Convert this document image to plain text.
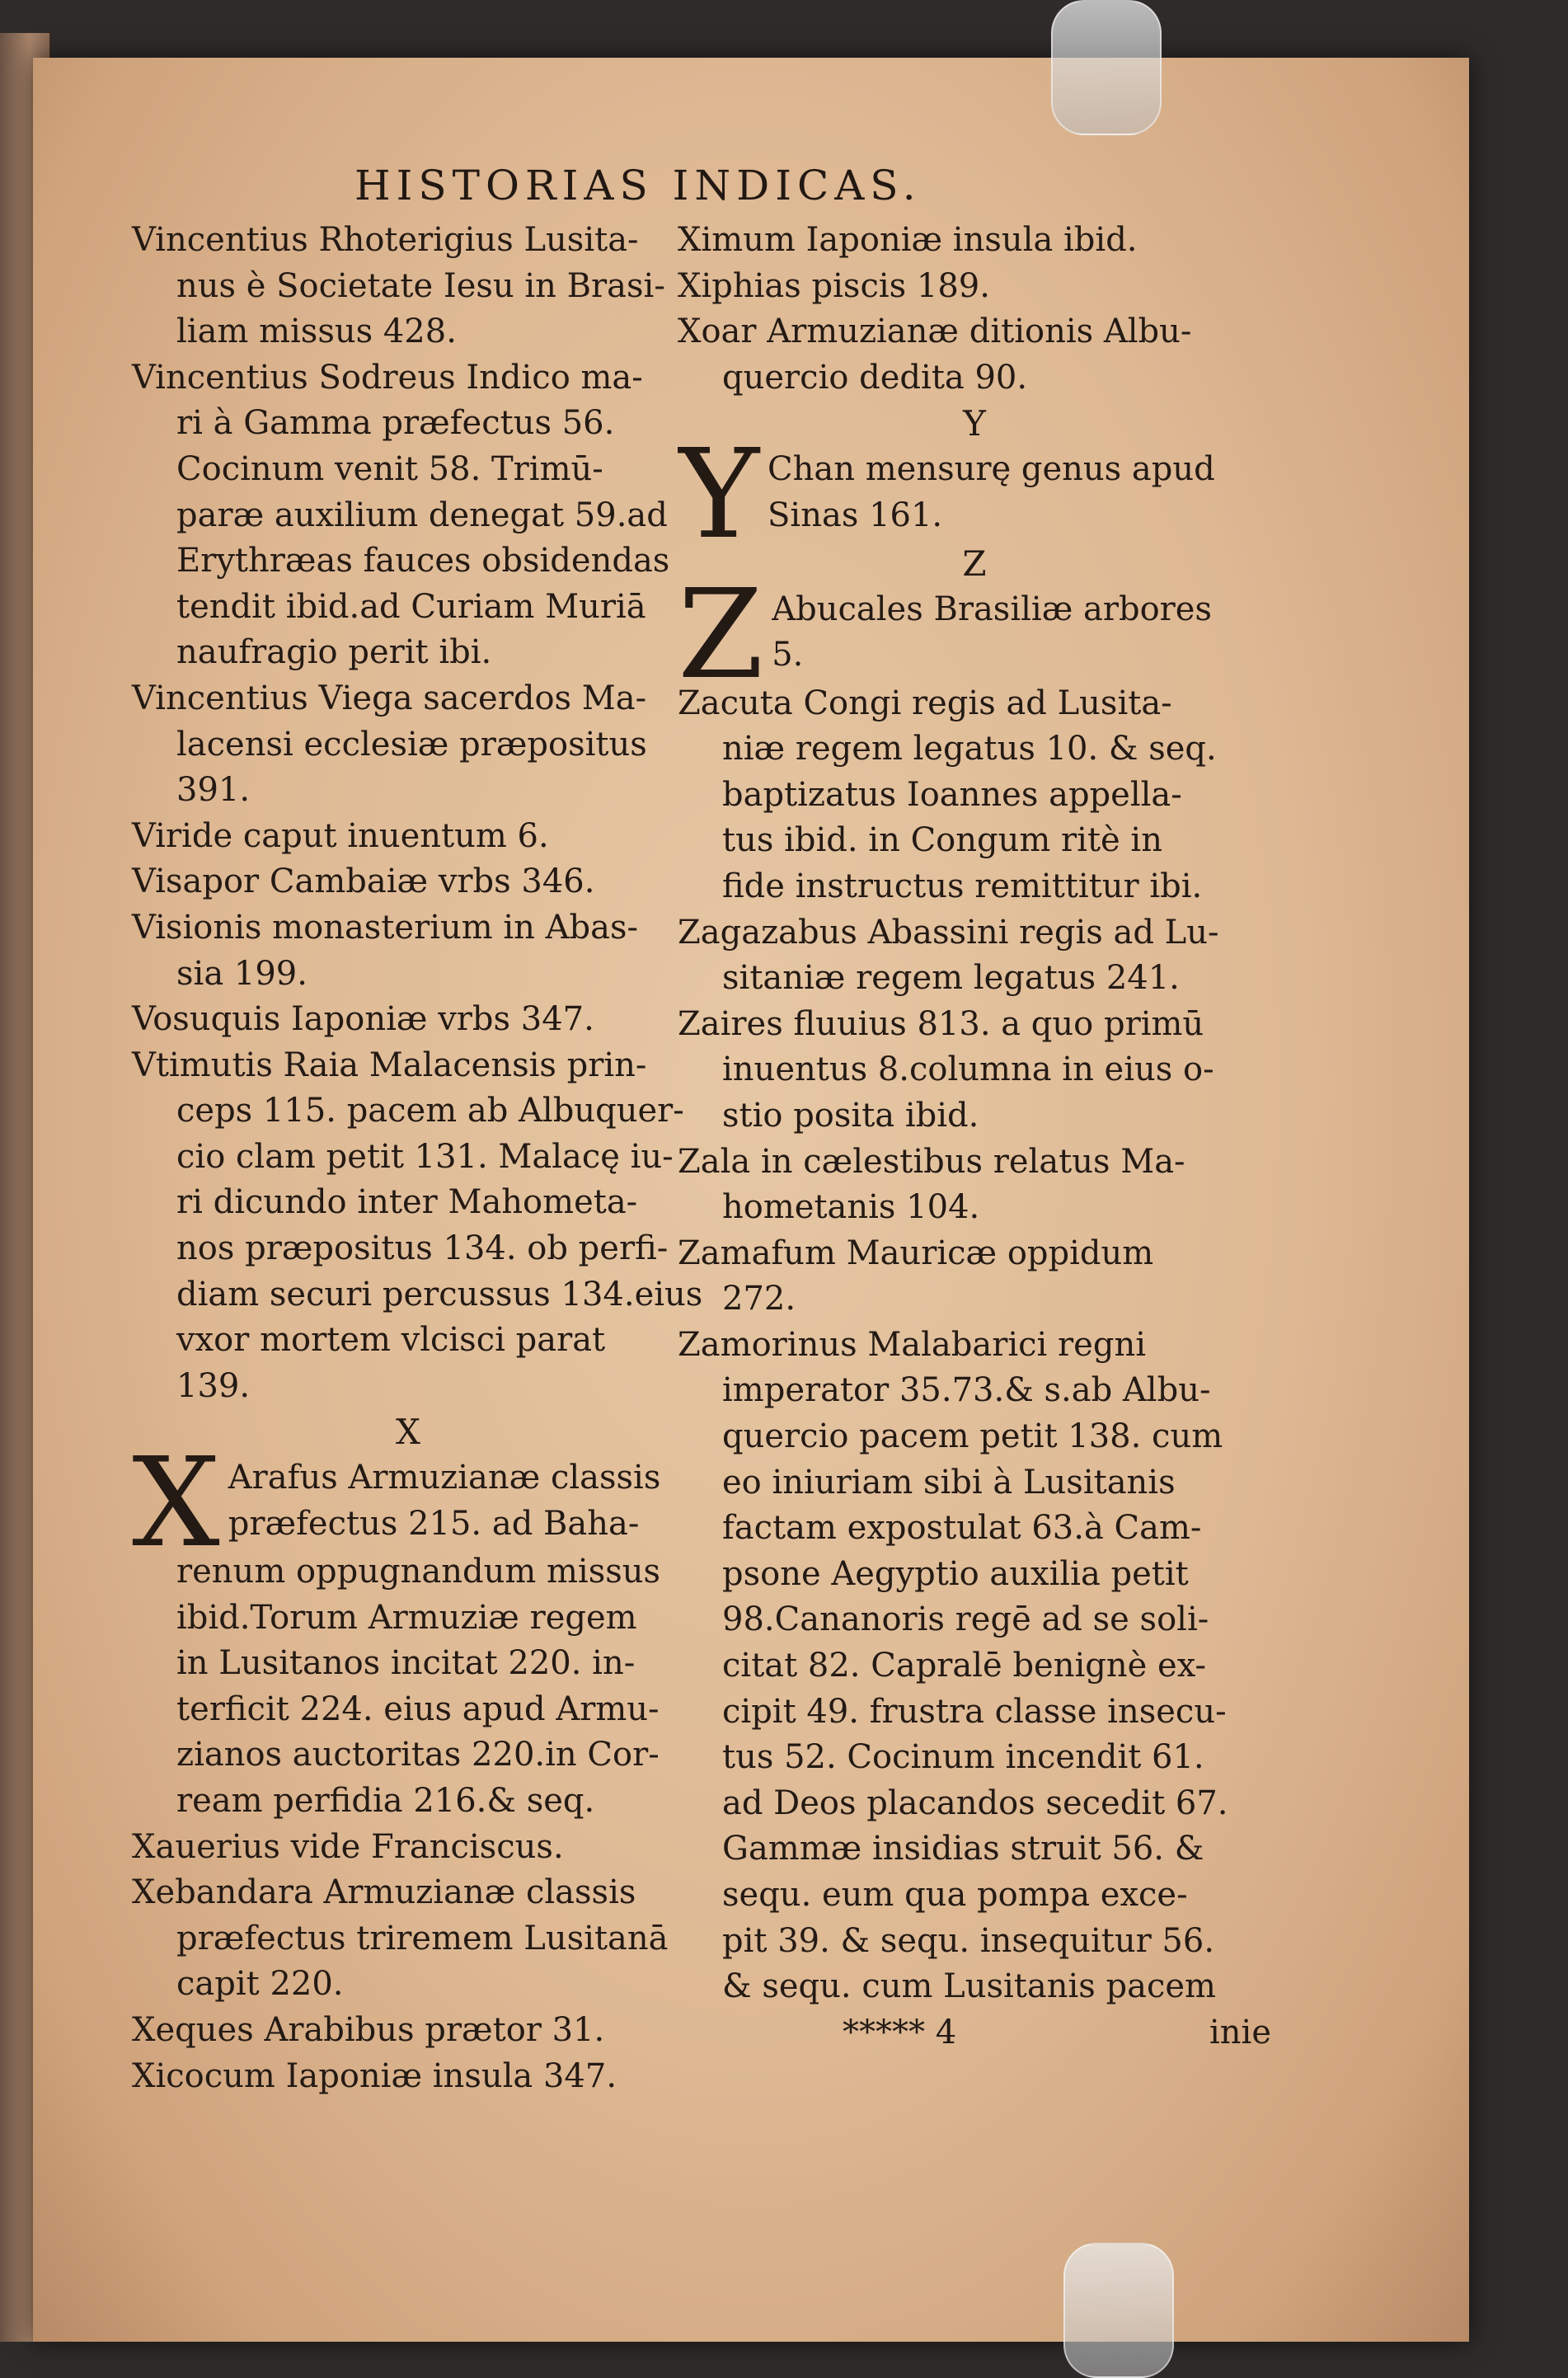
HISTORIAS INDICAS.
Vincentius Rhoterigius Lusita-
nus è Societate Iesu in Brasi-
liam missus 428.
Vincentius Sodreus Indico ma-
ri à Gamma præfectus 56.
Cocinum venit 58. Trimū-
paræ auxilium denegat 59.ad
Erythræas fauces obsidendas
tendit ibid.ad Curiam Muriā
naufragio perit ibi.
Vincentius Viega sacerdos Ma-
lacensi ecclesiæ præpositus
391.
Viride caput inuentum 6.
Visapor Cambaiæ vrbs 346.
Visionis monasterium in Abas-
sia 199.
Vosuquis Iaponiæ vrbs 347.
Vtimutis Raia Malacensis prin-
ceps 115. pacem ab Albuquer-
cio clam petit 131. Malacę iu-
ri dicundo inter Mahometa-
nos præpositus 134. ob perfi-
diam securi percussus 134.eius
vxor mortem vlcisci parat
139.
X
X Arafus Armuzianæ classis
præfectus 215. ad Baha-
renum oppugnandum missus
ibid.Torum Armuziæ regem
in Lusitanos incitat 220. in-
terficit 224. eius apud Armu-
zianos auctoritas 220.in Cor-
ream perfidia 216.& seq.
Xauerius vide Franciscus.
Xebandara Armuzianæ classis
præfectus triremem Lusitanā
capit 220.
Xeques Arabibus prætor 31.
Xicocum Iaponiæ insula 347.
Ximum Iaponiæ insula ibid.
Xiphias piscis 189.
Xoar Armuzianæ ditionis Albu-
quercio dedita 90.
Y
Y Chan mensurę genus apud
Sinas 161.
Z
Z Abucales Brasiliæ arbores
5.
Zacuta Congi regis ad Lusita-
niæ regem legatus 10. & seq.
baptizatus Ioannes appella-
tus ibid. in Congum ritè in
fide instructus remittitur ibi.
Zagazabus Abassini regis ad Lu-
sitaniæ regem legatus 241.
Zaires fluuius 813. a quo primū
inuentus 8.columna in eius o-
stio posita ibid.
Zala in cælestibus relatus Ma-
hometanis 104.
Zamafum Mauricæ oppidum
272.
Zamorinus Malabarici regni
imperator 35.73.& s.ab Albu-
quercio pacem petit 138. cum
eo iniuriam sibi à Lusitanis
factam expostulat 63.à Cam-
psone Aegyptio auxilia petit
98.Cananoris regē ad se soli-
citat 82. Capralē benignè ex-
cipit 49. frustra classe insecu-
tus 52. Cocinum incendit 61.
ad Deos placandos secedit 67.
Gammæ insidias struit 56. &
sequ. eum qua pompa exce-
pit 39. & sequ. insequitur 56.
& sequ. cum Lusitanis pacem
***** 4	inie
